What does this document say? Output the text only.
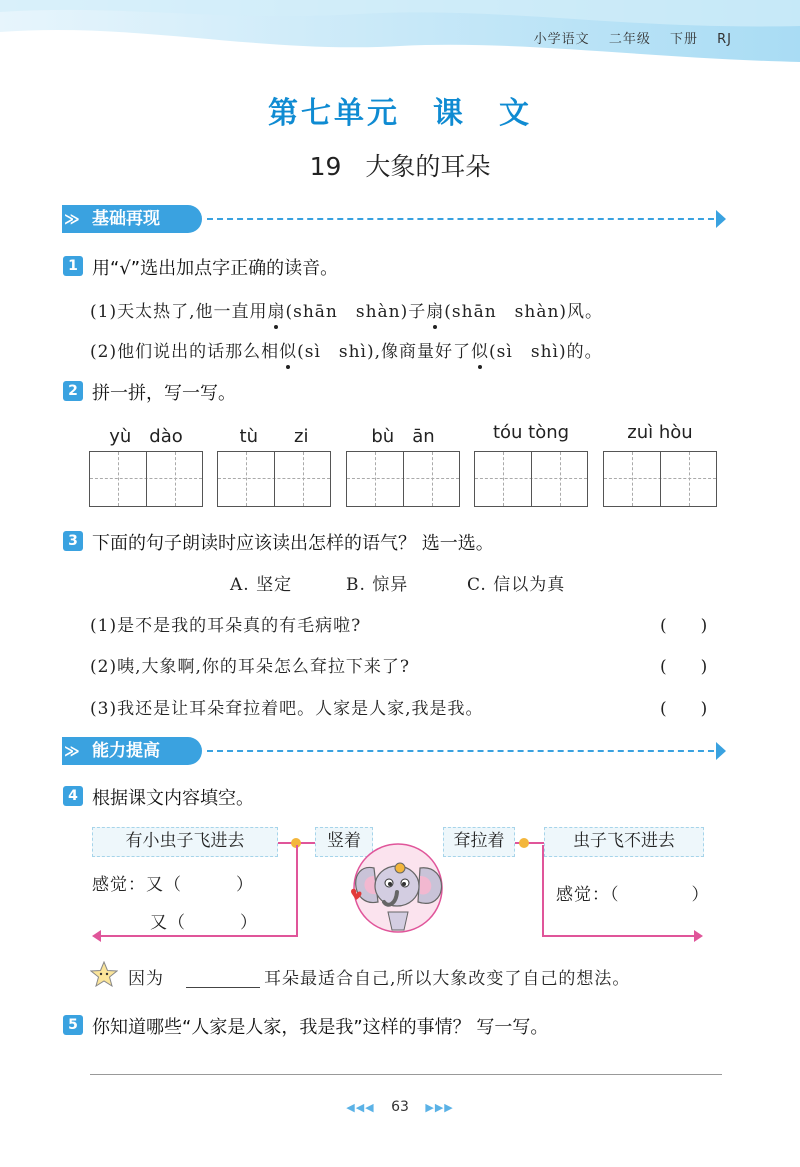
小学语文 二年级 下册 RJ
第七单元　课　文
19 大象的耳朵
≫ 基础再现
1 用“√”选出加点字正确的读音。
(1)天太热了,他一直用扇(shān　shàn)子扇(shān　shàn)风。
(2)他们说出的话那么相似(sì　shì),像商量好了似(sì　shì)的。
2 拼一拼，写一写。
yù　dào	tù　　zi	bù　ān	tóu tòng	zuì hòu
3 下面的句子朗读时应该读出怎样的语气？ 选一选。
A. 坚定	B. 惊异	C. 信以为真
(1)是不是我的耳朵真的有毛病啦?	(　　)
(2)咦,大象啊,你的耳朵怎么耷拉下来了?	(　　)
(3)我还是让耳朵耷拉着吧。人家是人家,我是我。	(　　)
≫ 能力提高
4 根据课文内容填空。
有小虫子飞进去	竖着	耷拉着	虫子飞不进去
感觉：又（　　　）
又（　　　）
感觉：（　　　　）
因为	耳朵最适合自己,所以大象改变了自己的想法。
5 你知道哪些“人家是人家，我是我”这样的事情？ 写一写。
◀◀◀ 63 ▶▶▶
